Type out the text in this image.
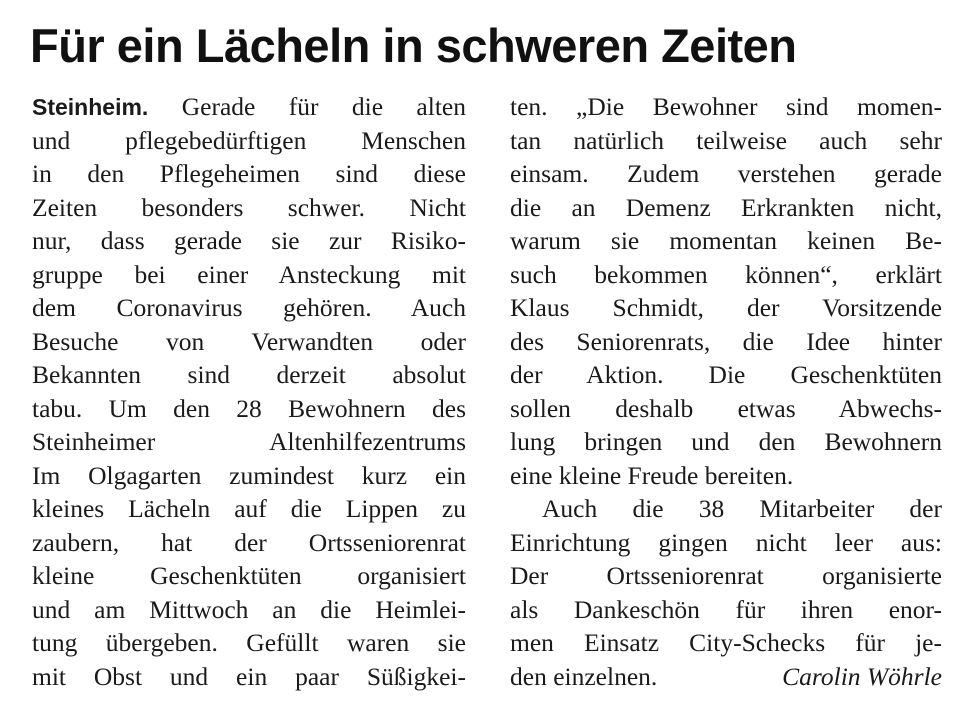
Für ein Lächeln in schweren Zeiten
Steinheim. Gerade für die alten
und pflegebedürftigen Menschen
in den Pflegeheimen sind diese
Zeiten besonders schwer. Nicht
nur, dass gerade sie zur Risiko-
gruppe bei einer Ansteckung mit
dem Coronavirus gehören. Auch
Besuche von Verwandten oder
Bekannten sind derzeit absolut
tabu. Um den 28 Bewohnern des
Steinheimer Altenhilfezentrums
Im Olgagarten zumindest kurz ein
kleines Lächeln auf die Lippen zu
zaubern, hat der Ortsseniorenrat
kleine Geschenktüten organisiert
und am Mittwoch an die Heimlei-
tung übergeben. Gefüllt waren sie
mit Obst und ein paar Süßigkei-
ten. „Die Bewohner sind momen-
tan natürlich teilweise auch sehr
einsam. Zudem verstehen gerade
die an Demenz Erkrankten nicht,
warum sie momentan keinen Be-
such bekommen können“, erklärt
Klaus Schmidt, der Vorsitzende
des Seniorenrats, die Idee hinter
der Aktion. Die Geschenktüten
sollen deshalb etwas Abwechs-
lung bringen und den Bewohnern
eine kleine Freude bereiten.
Auch die 38 Mitarbeiter der
Einrichtung gingen nicht leer aus:
Der Ortsseniorenrat organisierte
als Dankeschön für ihren enor-
men Einsatz City-Schecks für je-
den einzelnen.	Carolin Wöhrle
